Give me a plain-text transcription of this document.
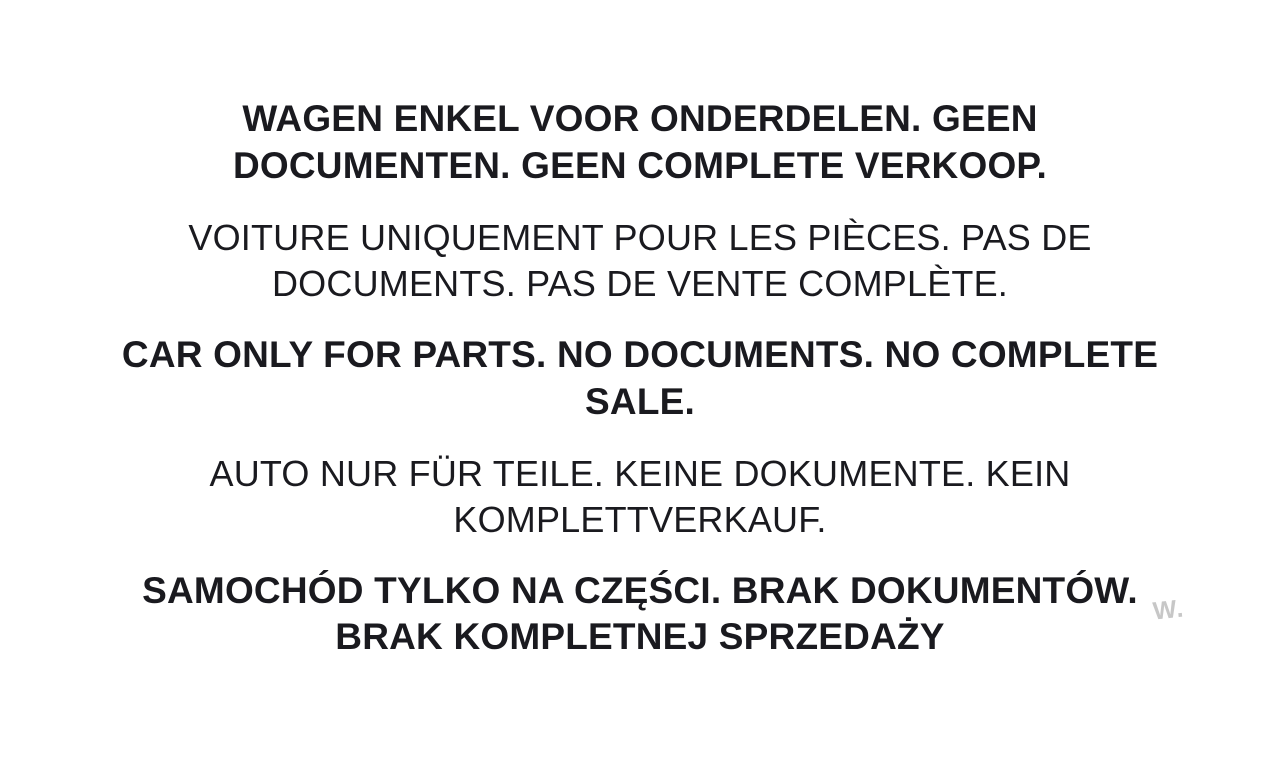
WAGEN ENKEL VOOR ONDERDELEN. GEEN DOCUMENTEN. GEEN COMPLETE VERKOOP.
VOITURE UNIQUEMENT POUR LES PIÈCES. PAS DE DOCUMENTS. PAS DE VENTE COMPLÈTE.
CAR ONLY FOR PARTS. NO DOCUMENTS. NO COMPLETE SALE.
AUTO NUR FÜR TEILE. KEINE DOKUMENTE. KEIN KOMPLETTVERKAUF.
SAMOCHÓD TYLKO NA CZĘŚCI. BRAK DOKUMENTÓW. BRAK KOMPLETNEJ SPRZEDAŻY
W.
